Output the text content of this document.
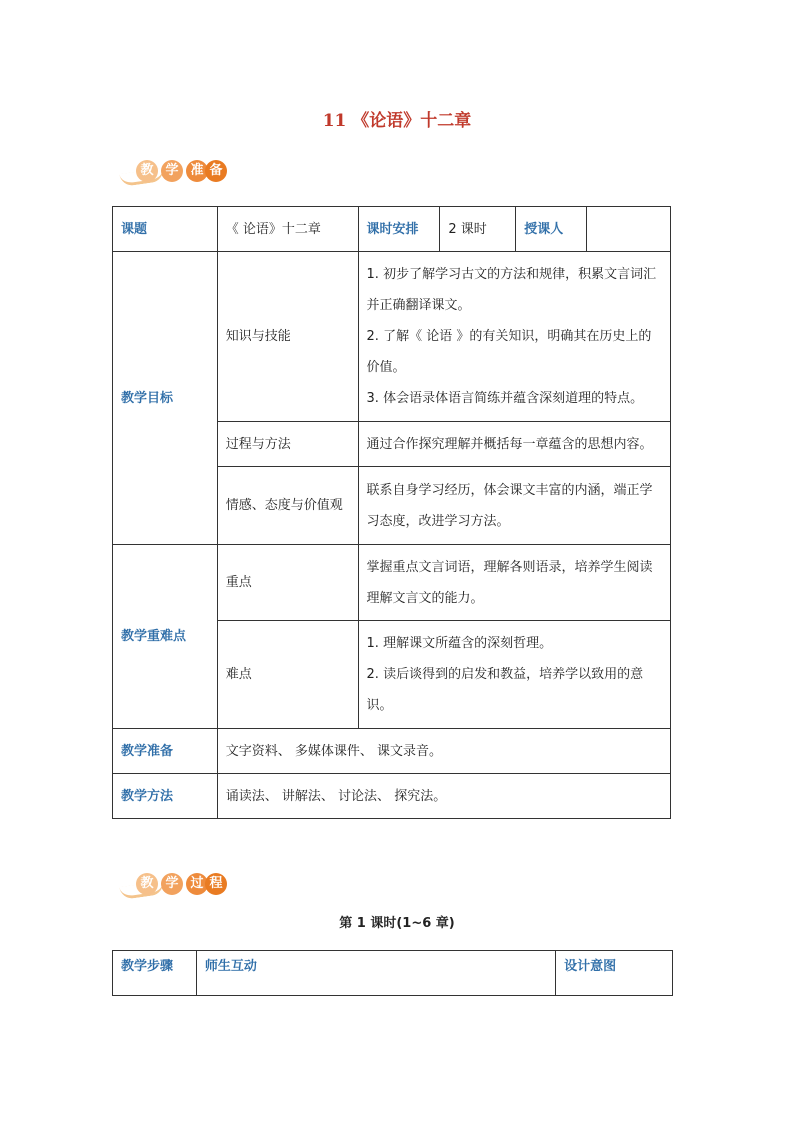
11 《论语》十二章
教 学 准 备
课题	《 论语》十二章	课时安排	2 课时	授课人	
教学目标	知识与技能	1. 初步了解学习古文的方法和规律，积累文言词汇并正确翻译课文。
2. 了解《 论语 》的有关知识，明确其在历史上的价值。
3. 体会语录体语言简练并蕴含深刻道理的特点。			

	过程与方法	通过合作探究理解并概括每一章蕴含的思想内容。			
	情感、态度与价值观	联系自身学习经历，体会课文丰富的内涵，端正学习态度，改进学习方法。			
教学重难点	重点	掌握重点文言词语，理解各则语录，培养学生阅读理解文言文的能力。			
	难点	1. 理解课文所蕴含的深刻哲理。
2. 读后谈得到的启发和教益，培养学以致用的意识。			

教学准备	文字资料、 多媒体课件、 课文录音。				
教学方法	诵读法、 讲解法、 讨论法、 探究法。				
教 学 过 程
第 1 课时(1~6 章)
教学步骤	师生互动	设计意图
